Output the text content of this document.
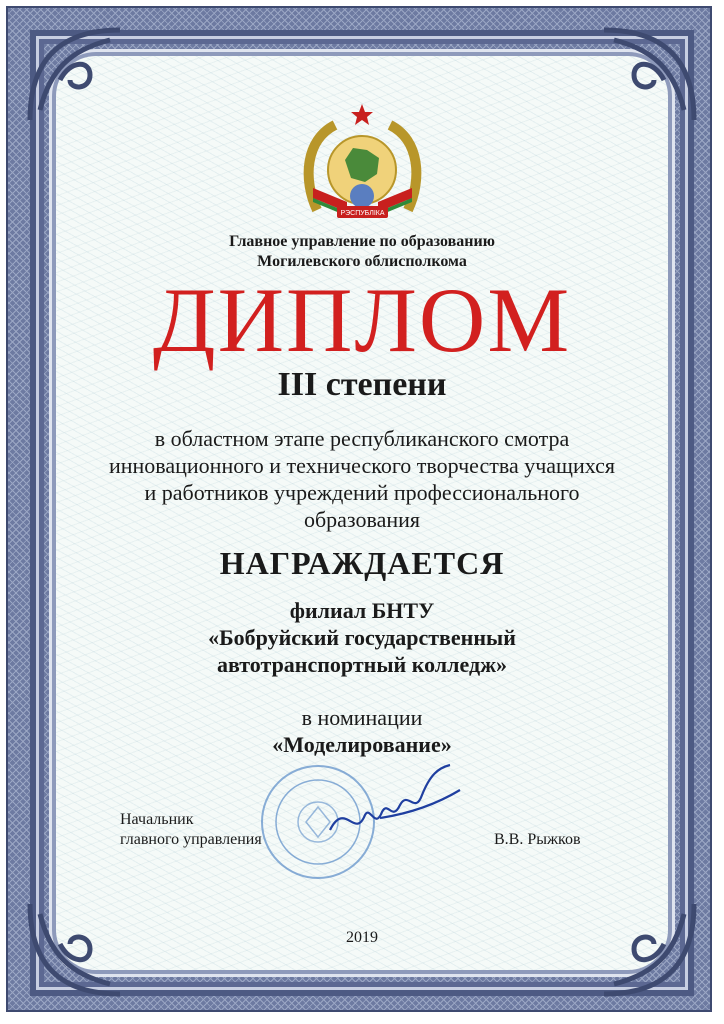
РЭСПУБЛІКА
Главное управление по образованию
Могилевского облисполкома
ДИПЛОМ
III степени
в областном этапе республиканского смотра
инновационного и технического творчества учащихся
и работников учреждений профессионального
образования
НАГРАЖДАЕТСЯ
филиал БНТУ
«Бобруйский государственный
автотранспортный колледж»
в номинации
«Моделирование»
Начальник
главного управления	В.В. Рыжков
2019
